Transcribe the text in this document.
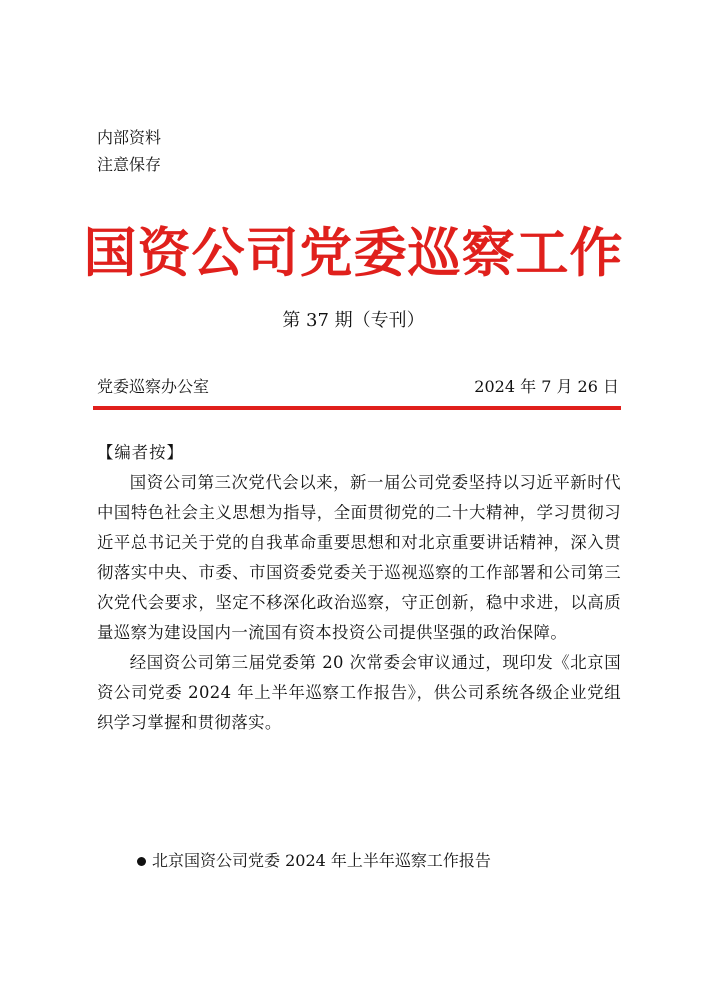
内部资料
注意保存
国资公司党委巡察工作
第 37 期（专刊）
党委巡察办公室	2024 年 7 月 26 日

【编者按】

国资公司第三次党代会以来，新一届公司党委坚持以习近平新时代中国特色社会主义思想为指导，全面贯彻党的二十大精神，学习贯彻习近平总书记关于党的自我革命重要思想和对北京重要讲话精神，深入贯彻落实中央、市委、市国资委党委关于巡视巡察的工作部署和公司第三次党代会要求，坚定不移深化政治巡察，守正创新，稳中求进，以高质量巡察为建设国内一流国有资本投资公司提供坚强的政治保障。

经国资公司第三届党委第 20 次常委会审议通过，现印发《北京国资公司党委 2024 年上半年巡察工作报告》，供公司系统各级企业党组织学习掌握和贯彻落实。

北京国资公司党委 2024 年上半年巡察工作报告
